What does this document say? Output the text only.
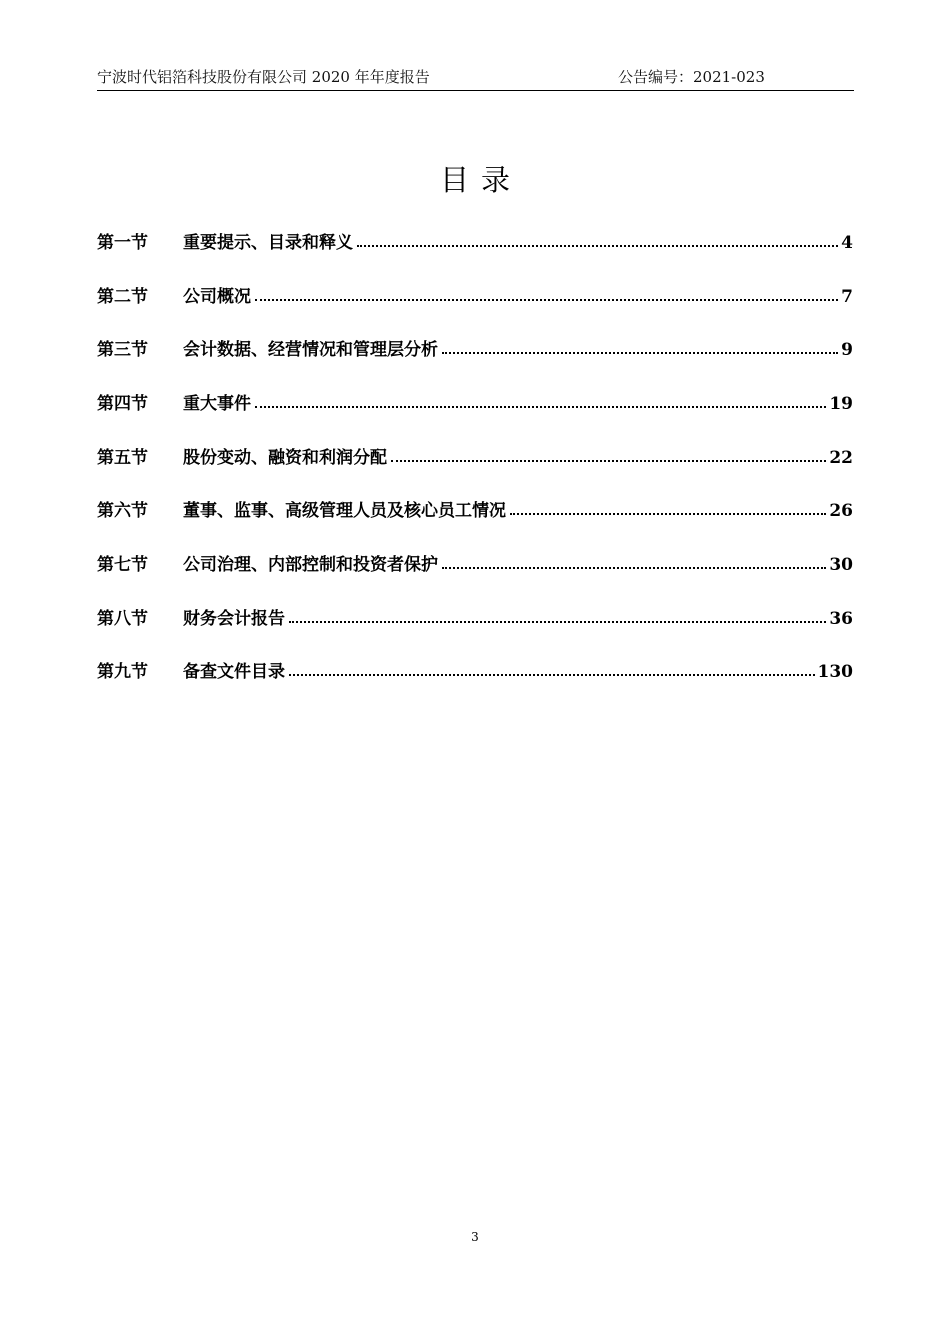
宁波时代铝箔科技股份有限公司 2020 年年度报告	公告编号：2021-023
目录
第一节	重要提示、目录和释义	4
第二节	公司概况	7
第三节	会计数据、经营情况和管理层分析	9
第四节	重大事件	19
第五节	股份变动、融资和利润分配	22
第六节	董事、监事、高级管理人员及核心员工情况	26
第七节	公司治理、内部控制和投资者保护	30
第八节	财务会计报告	36
第九节	备查文件目录	130
3
